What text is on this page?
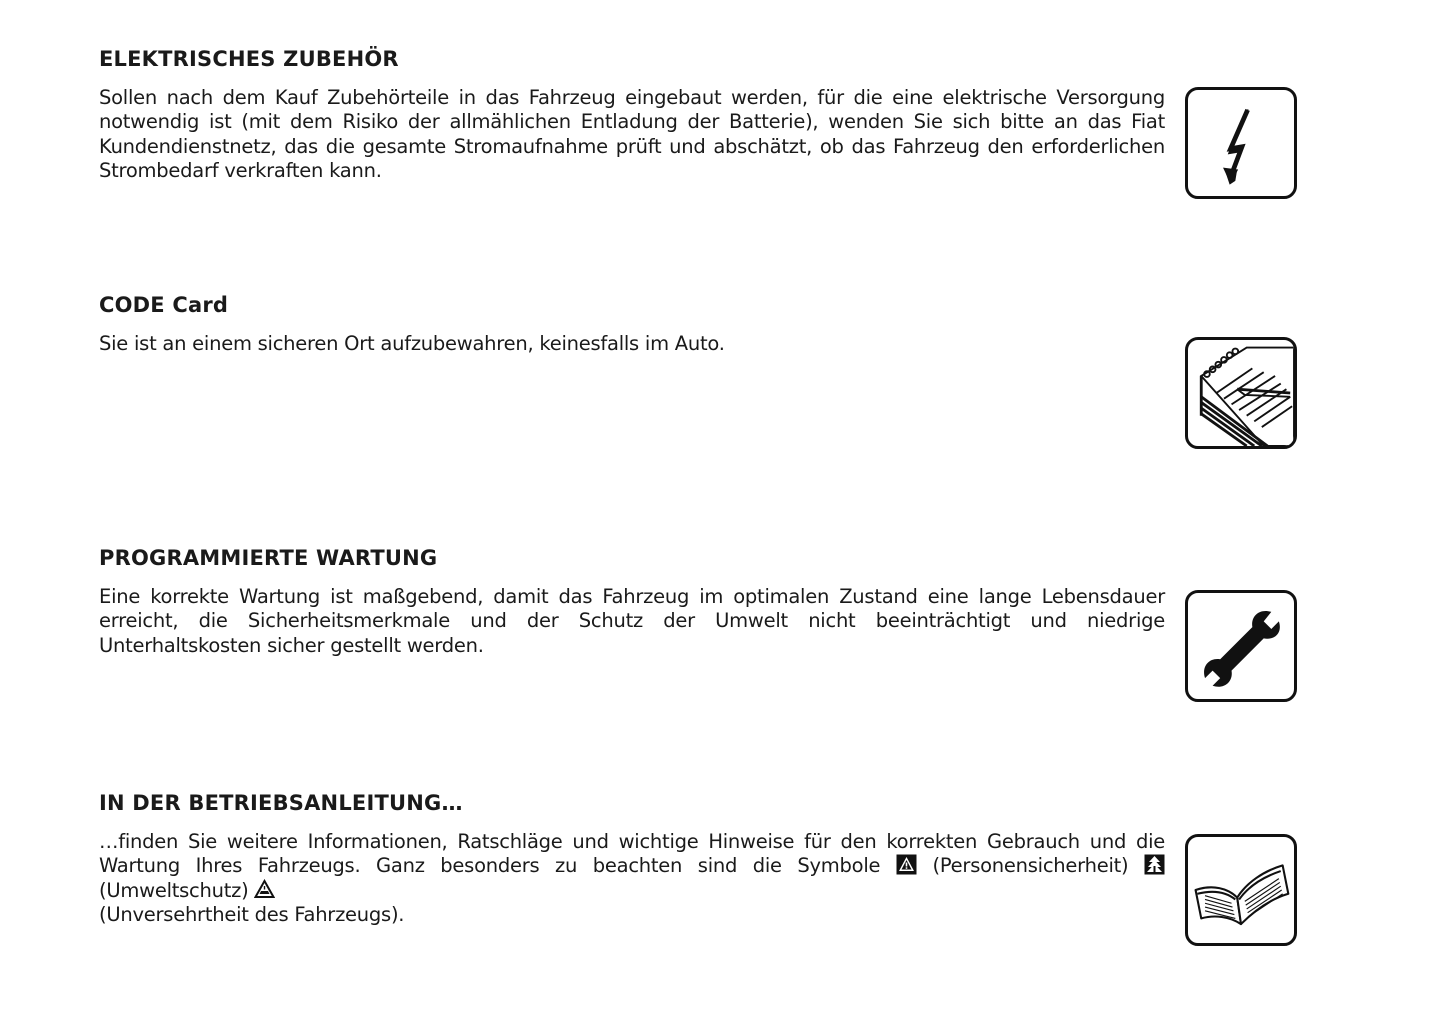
ELEKTRISCHES ZUBEHÖR

Sollen nach dem Kauf Zubehörteile in das Fahrzeug eingebaut werden, für die eine elektrische Versorgung notwendig ist (mit dem Risiko der allmählichen Entladung der Batterie), wenden Sie sich bitte an das Fiat Kundendienstnetz, das die gesamte Stromaufnahme prüft und abschätzt, ob das Fahrzeug den erforderlichen Strombedarf verkraften kann.

CODE Card

Sie ist an einem sicheren Ort aufzubewahren, keinesfalls im Auto.

PROGRAMMIERTE WARTUNG

Eine korrekte Wartung ist maßgebend, damit das Fahrzeug im optimalen Zustand eine lange Lebensdauer erreicht, die Sicherheitsmerkmale und der Schutz der Umwelt nicht beeinträchtigt und niedrige Unterhaltskosten sicher gestellt werden.

IN DER BETRIEBSANLEITUNG…

…finden Sie weitere Informationen, Ratschläge und wichtige Hinweise für den korrekten Gebrauch und die Wartung Ihres Fahrzeugs. Ganz besonders zu beachten sind die Symbole	(Personensicherheit)
(Umweltschutz)

(Unversehrtheit des Fahrzeugs).
